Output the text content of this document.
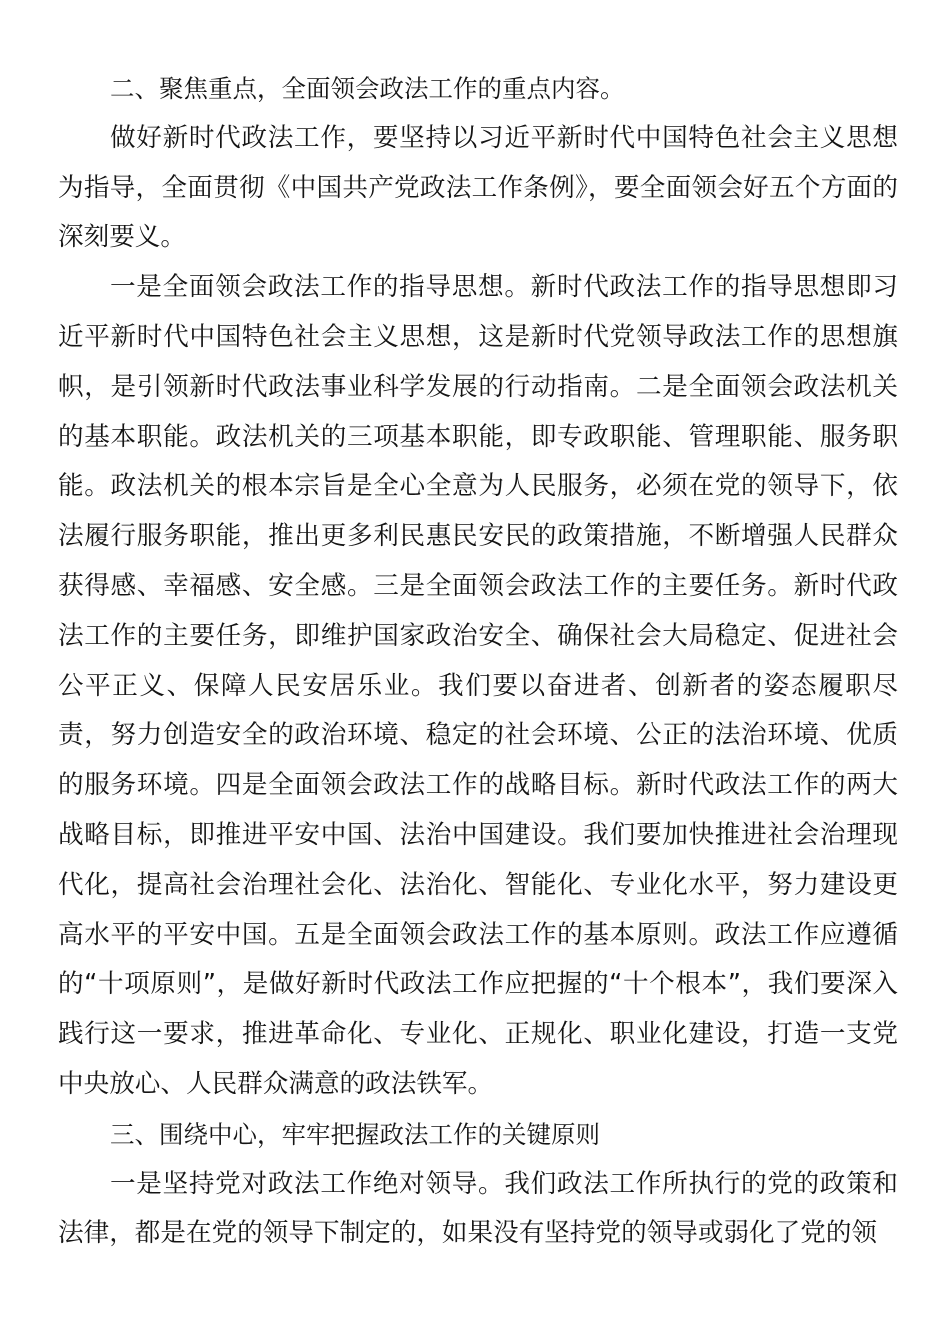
二、聚焦重点，全面领会政法工作的重点内容。

做好新时代政法工作，要坚持以习近平新时代中国特色社会主义思想为指导，全面贯彻《中国共产党政法工作条例》，要全面领会好五个方面的深刻要义。

一是全面领会政法工作的指导思想。新时代政法工作的指导思想即习近平新时代中国特色社会主义思想，这是新时代党领导政法工作的思想旗帜，是引领新时代政法事业科学发展的行动指南。二是全面领会政法机关的基本职能。政法机关的三项基本职能，即专政职能、管理职能、服务职能。政法机关的根本宗旨是全心全意为人民服务，必须在党的领导下，依法履行服务职能，推出更多利民惠民安民的政策措施，不断增强人民群众获得感、幸福感、安全感。三是全面领会政法工作的主要任务。新时代政法工作的主要任务，即维护国家政治安全、确保社会大局稳定、促进社会公平正义、保障人民安居乐业。我们要以奋进者、创新者的姿态履职尽责，努力创造安全的政治环境、稳定的社会环境、公正的法治环境、优质的服务环境。四是全面领会政法工作的战略目标。新时代政法工作的两大战略目标，即推进平安中国、法治中国建设。我们要加快推进社会治理现代化，提高社会治理社会化、法治化、智能化、专业化水平，努力建设更高水平的平安中国。五是全面领会政法工作的基本原则。政法工作应遵循的“十项原则”，是做好新时代政法工作应把握的“十个根本”，我们要深入践行这一要求，推进革命化、专业化、正规化、职业化建设，打造一支党中央放心、人民群众满意的政法铁军。

三、围绕中心，牢牢把握政法工作的关键原则

一是坚持党对政法工作绝对领导。我们政法工作所执行的党的政策和法律，都是在党的领导下制定的，如果没有坚持党的领导或弱化了党的领
